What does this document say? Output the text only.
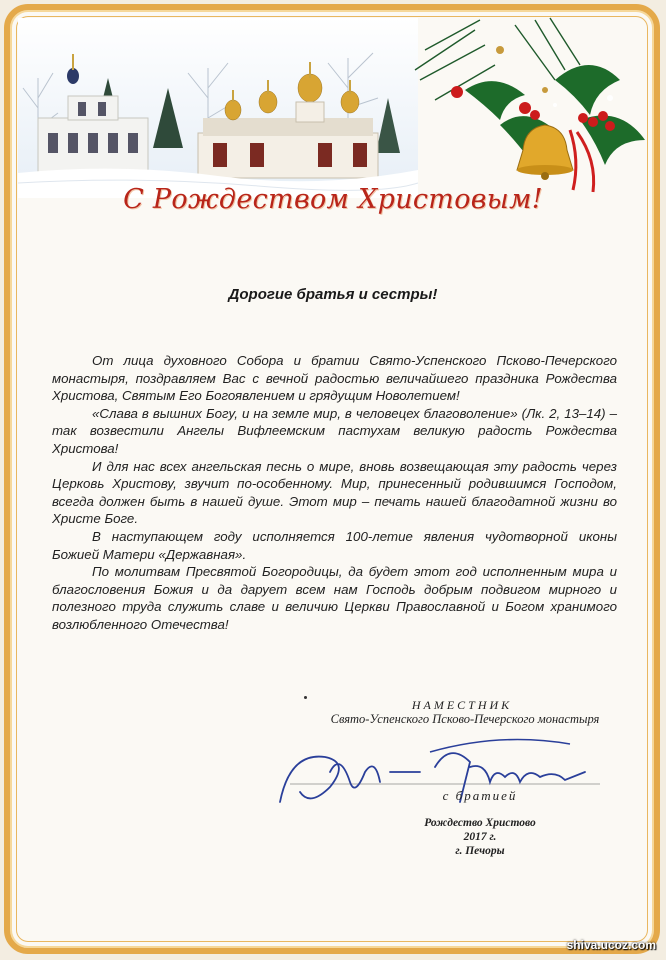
С Рождеством Христовым!
Дорогие братья и сестры!

От лица духовного Собора и братии Свято-Успенского Псково-Печерского монастыря, поздравляем Вас с вечной радостью величайшего праздника Рождества Христова, Святым Его Богоявлением и грядущим Новолетием!

«Слава в вышних Богу, и на земле мир, в человецех благоволение» (Лк. 2, 13–14) – так возвестили Ангелы Вифлеемским пастухам великую радость Рождества Христова!

И для нас всех ангельская песнь о мире, вновь возвещающая эту радость через Церковь Христову, звучит по-особенному. Мир, принесенный родившимся Господом, всегда должен быть в нашей душе. Этот мир – печать нашей благодатной жизни во Христе Боге.

В наступающем году исполняется 100-летие явления чудотворной иконы Божией Матери «Державная».

По молитвам Пресвятой Богородицы, да будет этот год исполненным мира и благословения Божия и да дарует всем нам Господь добрым подвигом мирного и полезного труда служить славе и величию Церкви Православной и Богом хранимого возлюбленного Отечества!

НАМЕСТНИК
Свято-Успенского Псково-Печерского монастыря
с братией
Рождество Христово
2017 г.
г. Печоры
shiva.ucoz.com
